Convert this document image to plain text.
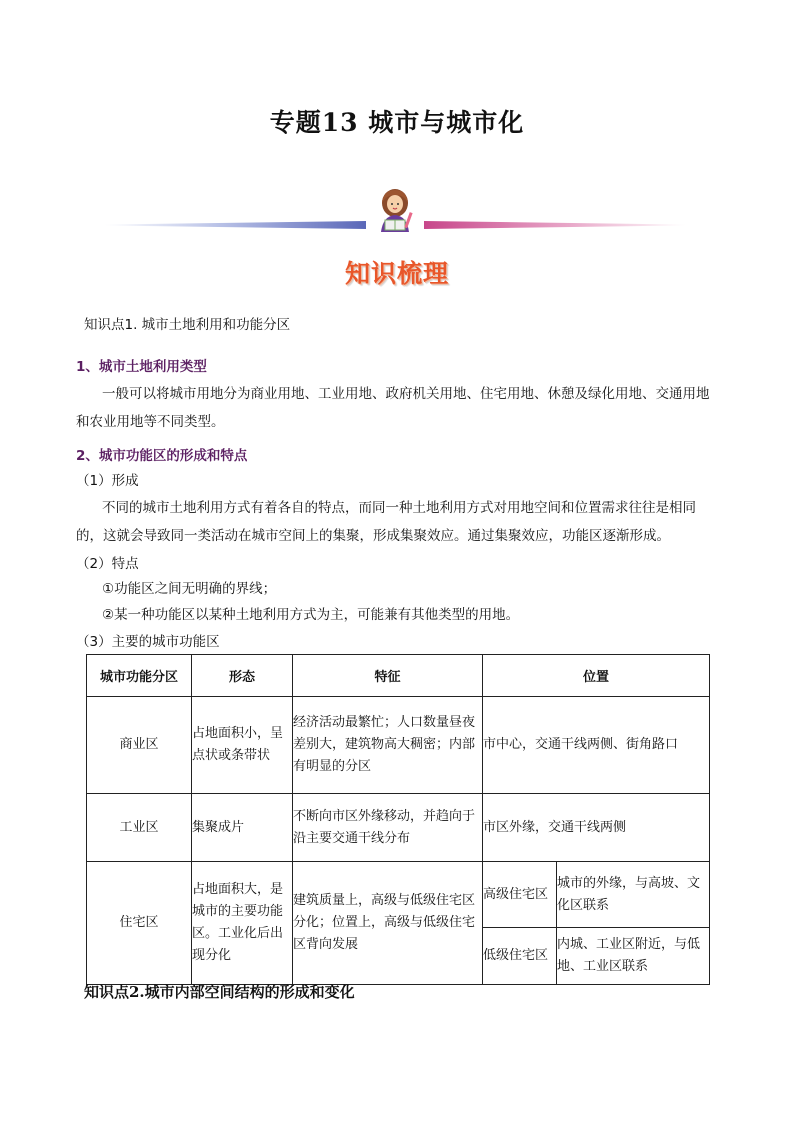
专题13 城市与城市化
知识梳理
知识点1. 城市土地利用和功能分区
1、城市土地利用类型
一般可以将城市用地分为商业用地、工业用地、政府机关用地、住宅用地、休憩及绿化用地、交通用地和农业用地等不同类型。
2、城市功能区的形成和特点
（1）形成
不同的城市土地利用方式有着各自的特点，而同一种土地利用方式对用地空间和位置需求往往是相同的，这就会导致同一类活动在城市空间上的集聚，形成集聚效应。通过集聚效应，功能区逐渐形成。
（2）特点
①功能区之间无明确的界线；
②某一种功能区以某种土地利用方式为主，可能兼有其他类型的用地。
（3）主要的城市功能区
城市功能分区	形态	特征	位置	
商业区	占地面积小，呈点状或条带状	经济活动最繁忙；人口数量昼夜差别大，建筑物高大稠密；内部有明显的分区	市中心，交通干线两侧、街角路口	
工业区	集聚成片	不断向市区外缘移动，并趋向于沿主要交通干线分布	市区外缘，交通干线两侧	
住宅区	占地面积大，是城市的主要功能区。工业化后出现分化	建筑质量上，高级与低级住宅区分化；位置上，高级与低级住宅区背向发展	高级住宅区	城市的外缘，与高坡、文化区联系
			低级住宅区	内城、工业区附近，与低地、工业区联系
知识点2.城市内部空间结构的形成和变化
